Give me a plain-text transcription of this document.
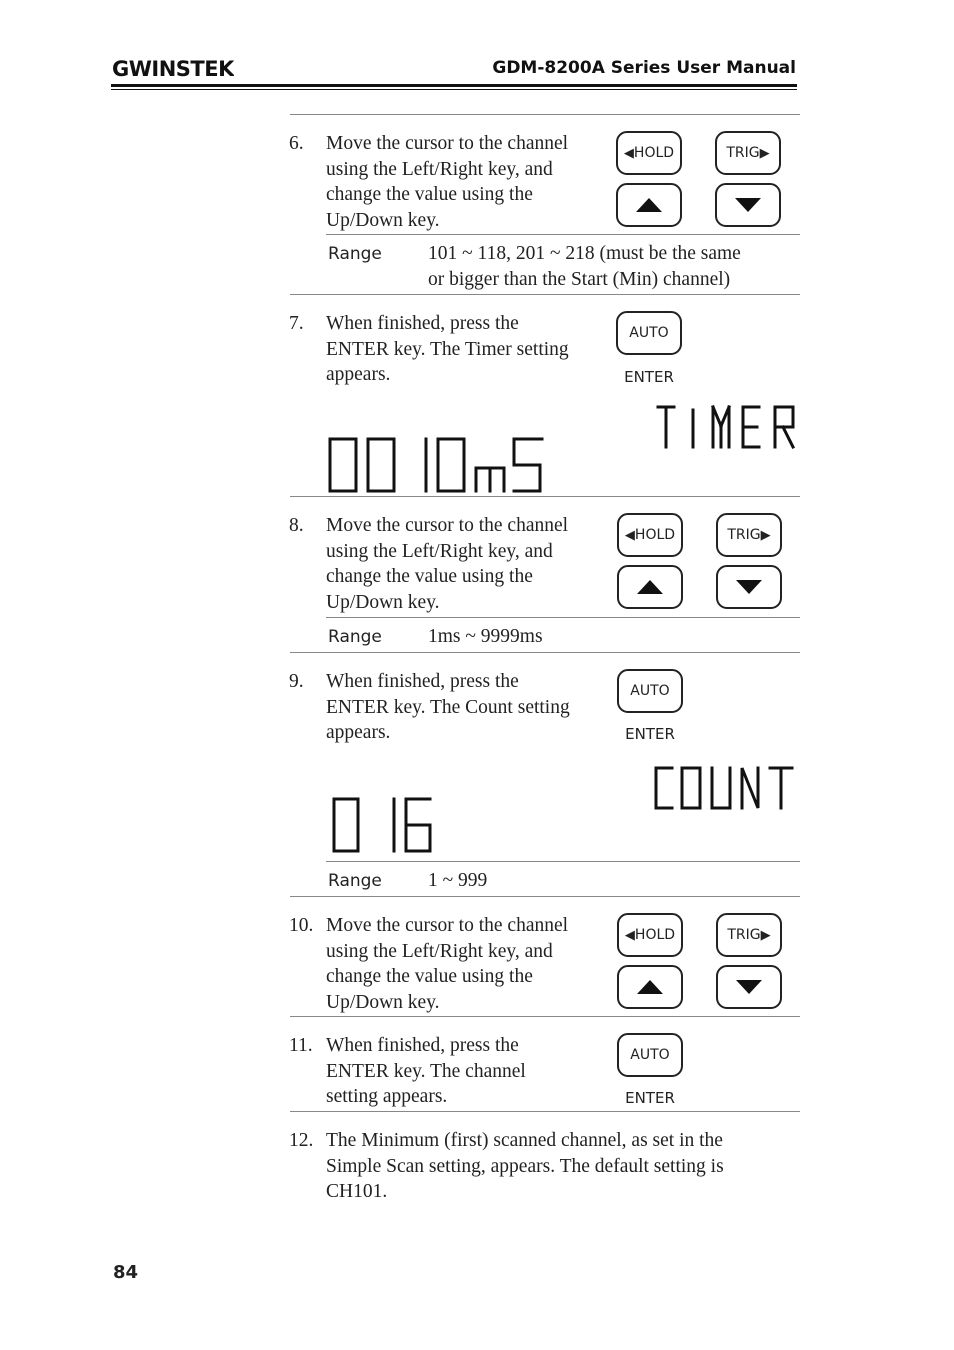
GWINSTEK	GDM-8200A Series User Manual
6. Move the cursor to the channel
using the Left/Right key, and
change the value using the
Up/Down key.
◀ HOLD	TRIG ▶
Range 101 ~ 118, 201 ~ 218 (must be the same
or bigger than the Start (Min) channel)
7. When finished, press the
ENTER key. The Timer setting
appears.
AUTO
ENTER
8. Move the cursor to the channel
using the Left/Right key, and
change the value using the
Up/Down key.
◀ HOLD	TRIG ▶
Range 1ms ~ 9999ms
9. When finished, press the
ENTER key. The Count setting
appears.
AUTO
ENTER
Range 1 ~ 999
10. Move the cursor to the channel
using the Left/Right key, and
change the value using the
Up/Down key.
◀ HOLD	TRIG ▶
11. When finished, press the
ENTER key. The channel
setting appears.
AUTO
ENTER
12. The Minimum (first) scanned channel, as set in the
Simple Scan setting, appears. The default setting is
CH101.
84
